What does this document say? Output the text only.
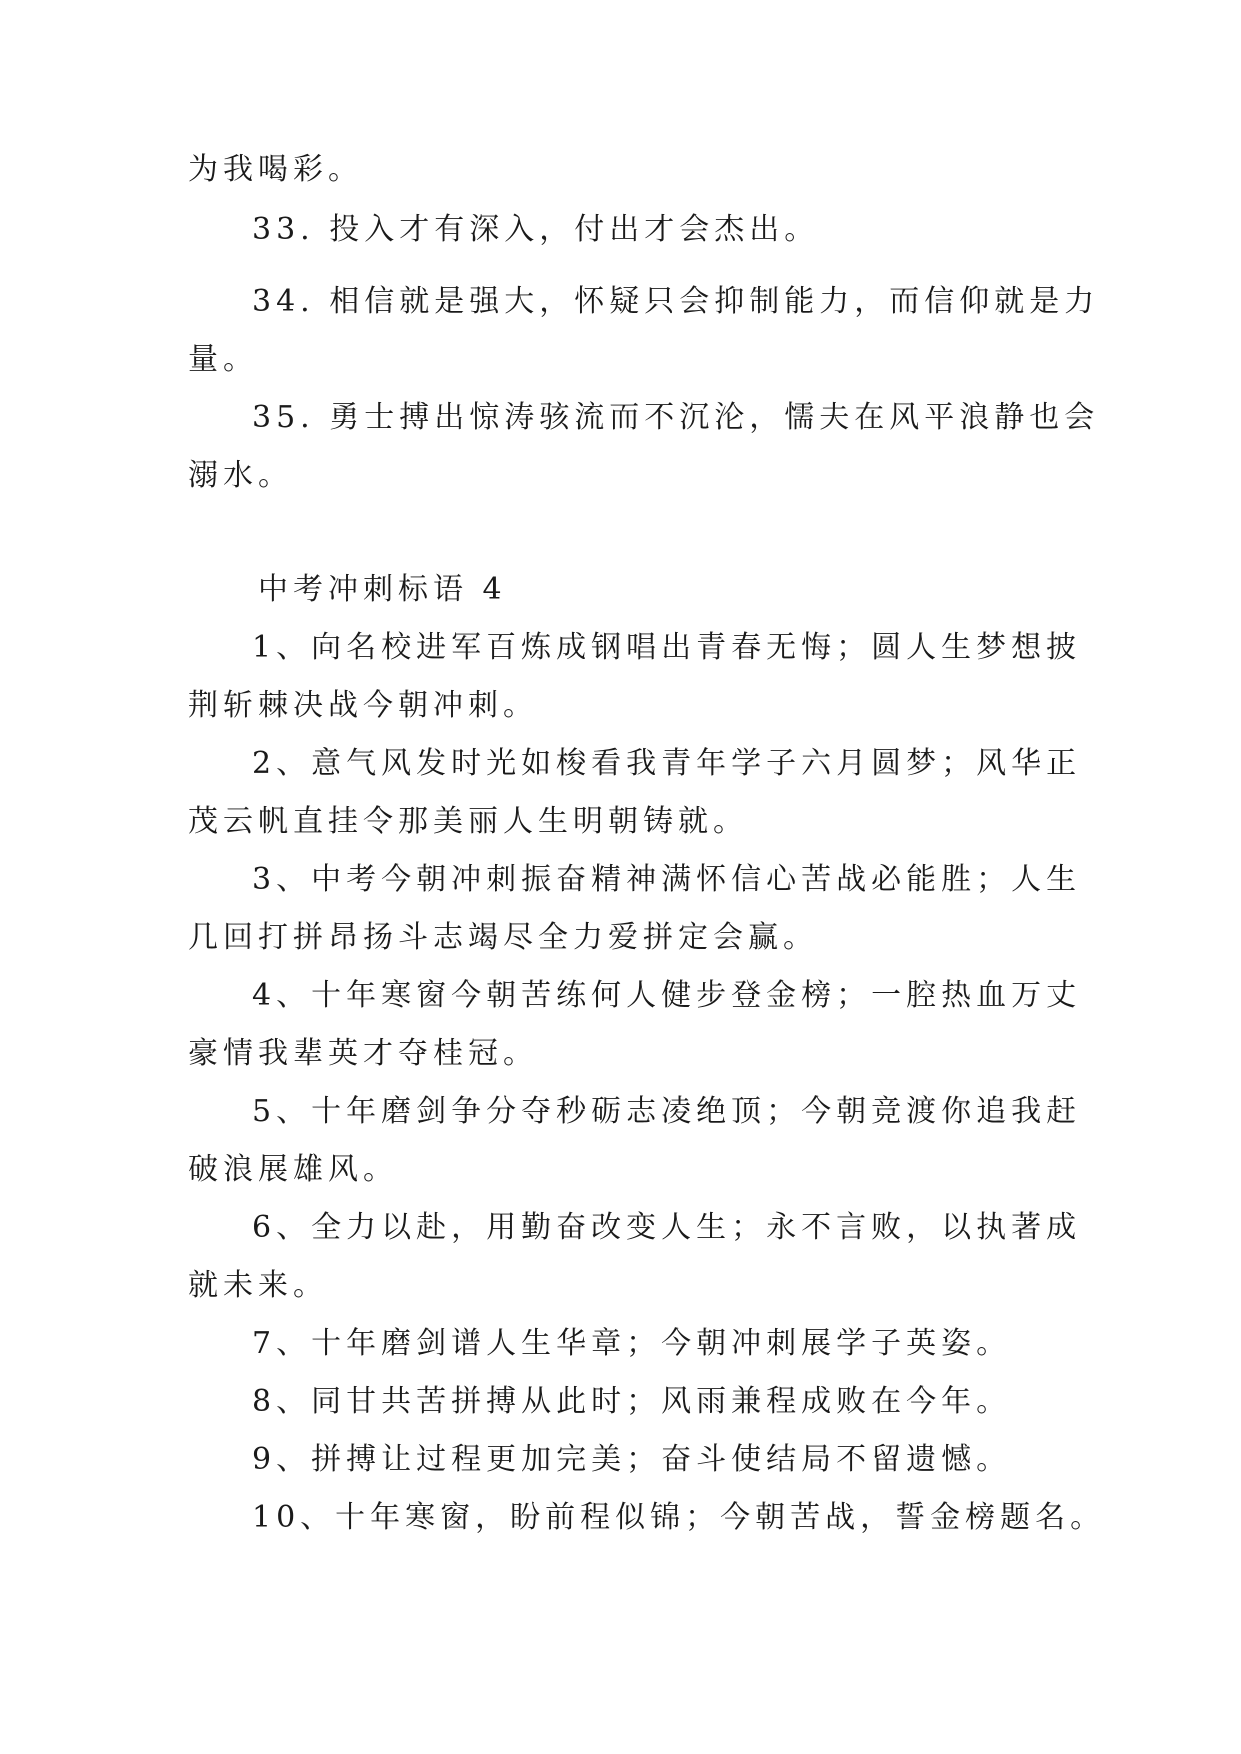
为我喝彩。
33. 投入才有深入，付出才会杰出。
34. 相信就是强大，怀疑只会抑制能力，而信仰就是力
量。
35. 勇士搏出惊涛骇流而不沉沦，懦夫在风平浪静也会
溺水。
中考冲刺标语 4
1、向名校进军百炼成钢唱出青春无悔；圆人生梦想披
荆斩棘决战今朝冲刺。
2、意气风发时光如梭看我青年学子六月圆梦；风华正
茂云帆直挂令那美丽人生明朝铸就。
3、中考今朝冲刺振奋精神满怀信心苦战必能胜；人生
几回打拼昂扬斗志竭尽全力爱拼定会赢。
4、十年寒窗今朝苦练何人健步登金榜；一腔热血万丈
豪情我辈英才夺桂冠。
5、十年磨剑争分夺秒砺志凌绝顶；今朝竞渡你追我赶
破浪展雄风。
6、全力以赴，用勤奋改变人生；永不言败，以执著成
就未来。
7、十年磨剑谱人生华章；今朝冲刺展学子英姿。
8、同甘共苦拼搏从此时；风雨兼程成败在今年。
9、拼搏让过程更加完美；奋斗使结局不留遗憾。
10、十年寒窗，盼前程似锦；今朝苦战，誓金榜题名。
